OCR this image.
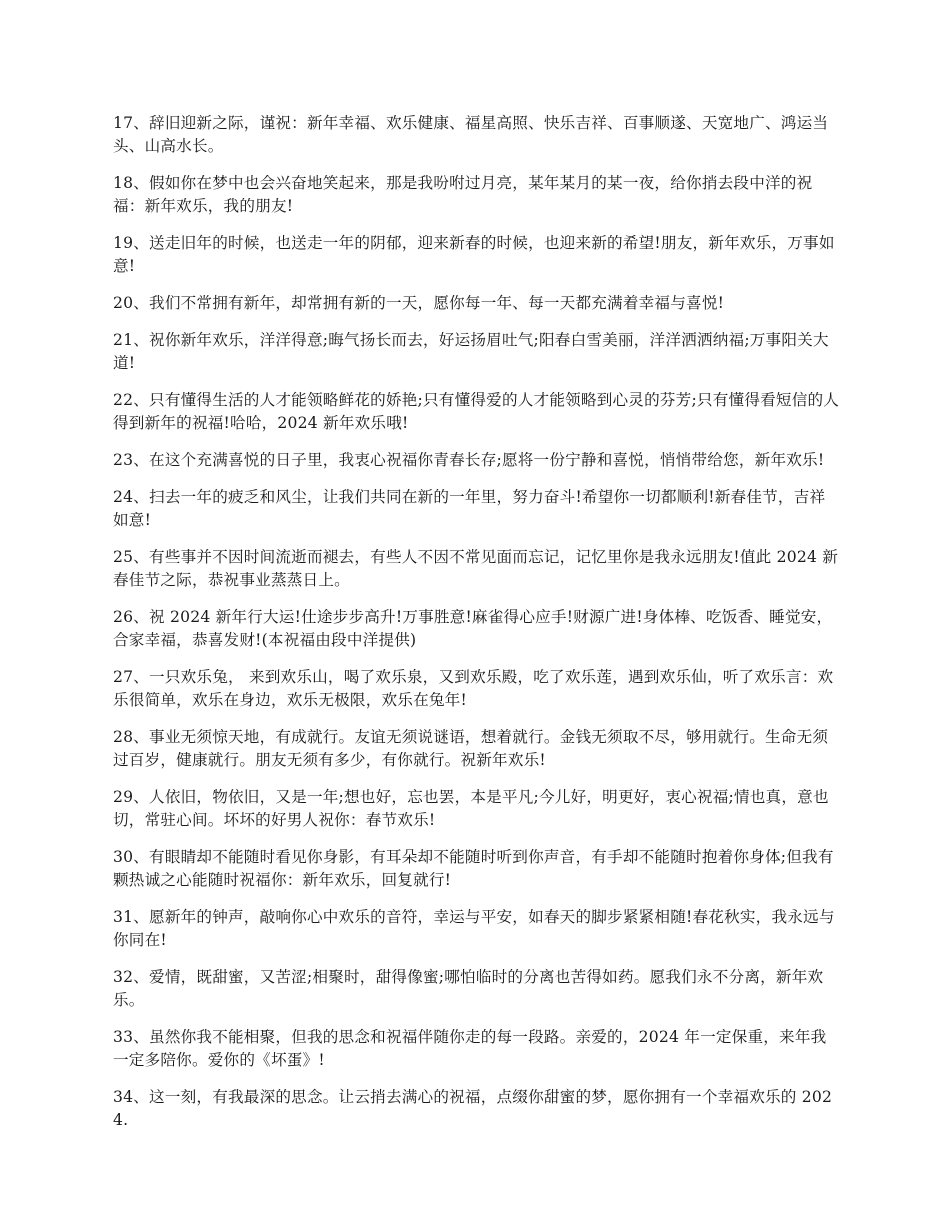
17、辞旧迎新之际，谨祝：新年幸福、欢乐健康、福星高照、快乐吉祥、百事顺遂、天宽地广、鸿运当头、山高水长。

18、假如你在梦中也会兴奋地笑起来，那是我吩咐过月亮，某年某月的某一夜，给你捎去段中洋的祝福：新年欢乐，我的朋友!

19、送走旧年的时候，也送走一年的阴郁，迎来新春的时候，也迎来新的希望!朋友，新年欢乐，万事如意!

20、我们不常拥有新年，却常拥有新的一天，愿你每一年、每一天都充满着幸福与喜悦!

21、祝你新年欢乐，洋洋得意;晦气扬长而去，好运扬眉吐气;阳春白雪美丽，洋洋洒洒纳福;万事阳关大道!

22、只有懂得生活的人才能领略鲜花的娇艳;只有懂得爱的人才能领略到心灵的芬芳;只有懂得看短信的人得到新年的祝福!哈哈，2024 新年欢乐哦!

23、在这个充满喜悦的日子里，我衷心祝福你青春长存;愿将一份宁静和喜悦，悄悄带给您，新年欢乐!

24、扫去一年的疲乏和风尘，让我们共同在新的一年里，努力奋斗!希望你一切都顺利!新春佳节，吉祥如意!

25、有些事并不因时间流逝而褪去，有些人不因不常见面而忘记，记忆里你是我永远朋友!值此 2024 新春佳节之际，恭祝事业蒸蒸日上。

26、祝 2024 新年行大运!仕途步步高升!万事胜意!麻雀得心应手!财源广进!身体棒、吃饭香、睡觉安，合家幸福，恭喜发财!(本祝福由段中洋提供)

27、一只欢乐兔， 来到欢乐山，喝了欢乐泉，又到欢乐殿，吃了欢乐莲，遇到欢乐仙，听了欢乐言：欢乐很简单，欢乐在身边，欢乐无极限，欢乐在兔年!

28、事业无须惊天地，有成就行。友谊无须说谜语，想着就行。金钱无须取不尽，够用就行。生命无须过百岁，健康就行。朋友无须有多少，有你就行。祝新年欢乐!

29、人依旧，物依旧，又是一年;想也好，忘也罢，本是平凡;今儿好，明更好，衷心祝福;情也真，意也切，常驻心间。坏坏的好男人祝你：春节欢乐!

30、有眼睛却不能随时看见你身影，有耳朵却不能随时听到你声音，有手却不能随时抱着你身体;但我有颗热诚之心能随时祝福你：新年欢乐，回复就行!

31、愿新年的钟声，敲响你心中欢乐的音符，幸运与平安，如春天的脚步紧紧相随!春花秋实，我永远与你同在!

32、爱情，既甜蜜，又苦涩;相聚时，甜得像蜜;哪怕临时的分离也苦得如药。愿我们永不分离，新年欢乐。

33、虽然你我不能相聚，但我的思念和祝福伴随你走的每一段路。亲爱的，2024 年一定保重，来年我一定多陪你。爱你的《坏蛋》!

34、这一刻，有我最深的思念。让云捎去满心的祝福，点缀你甜蜜的梦，愿你拥有一个幸福欢乐的 2024.
